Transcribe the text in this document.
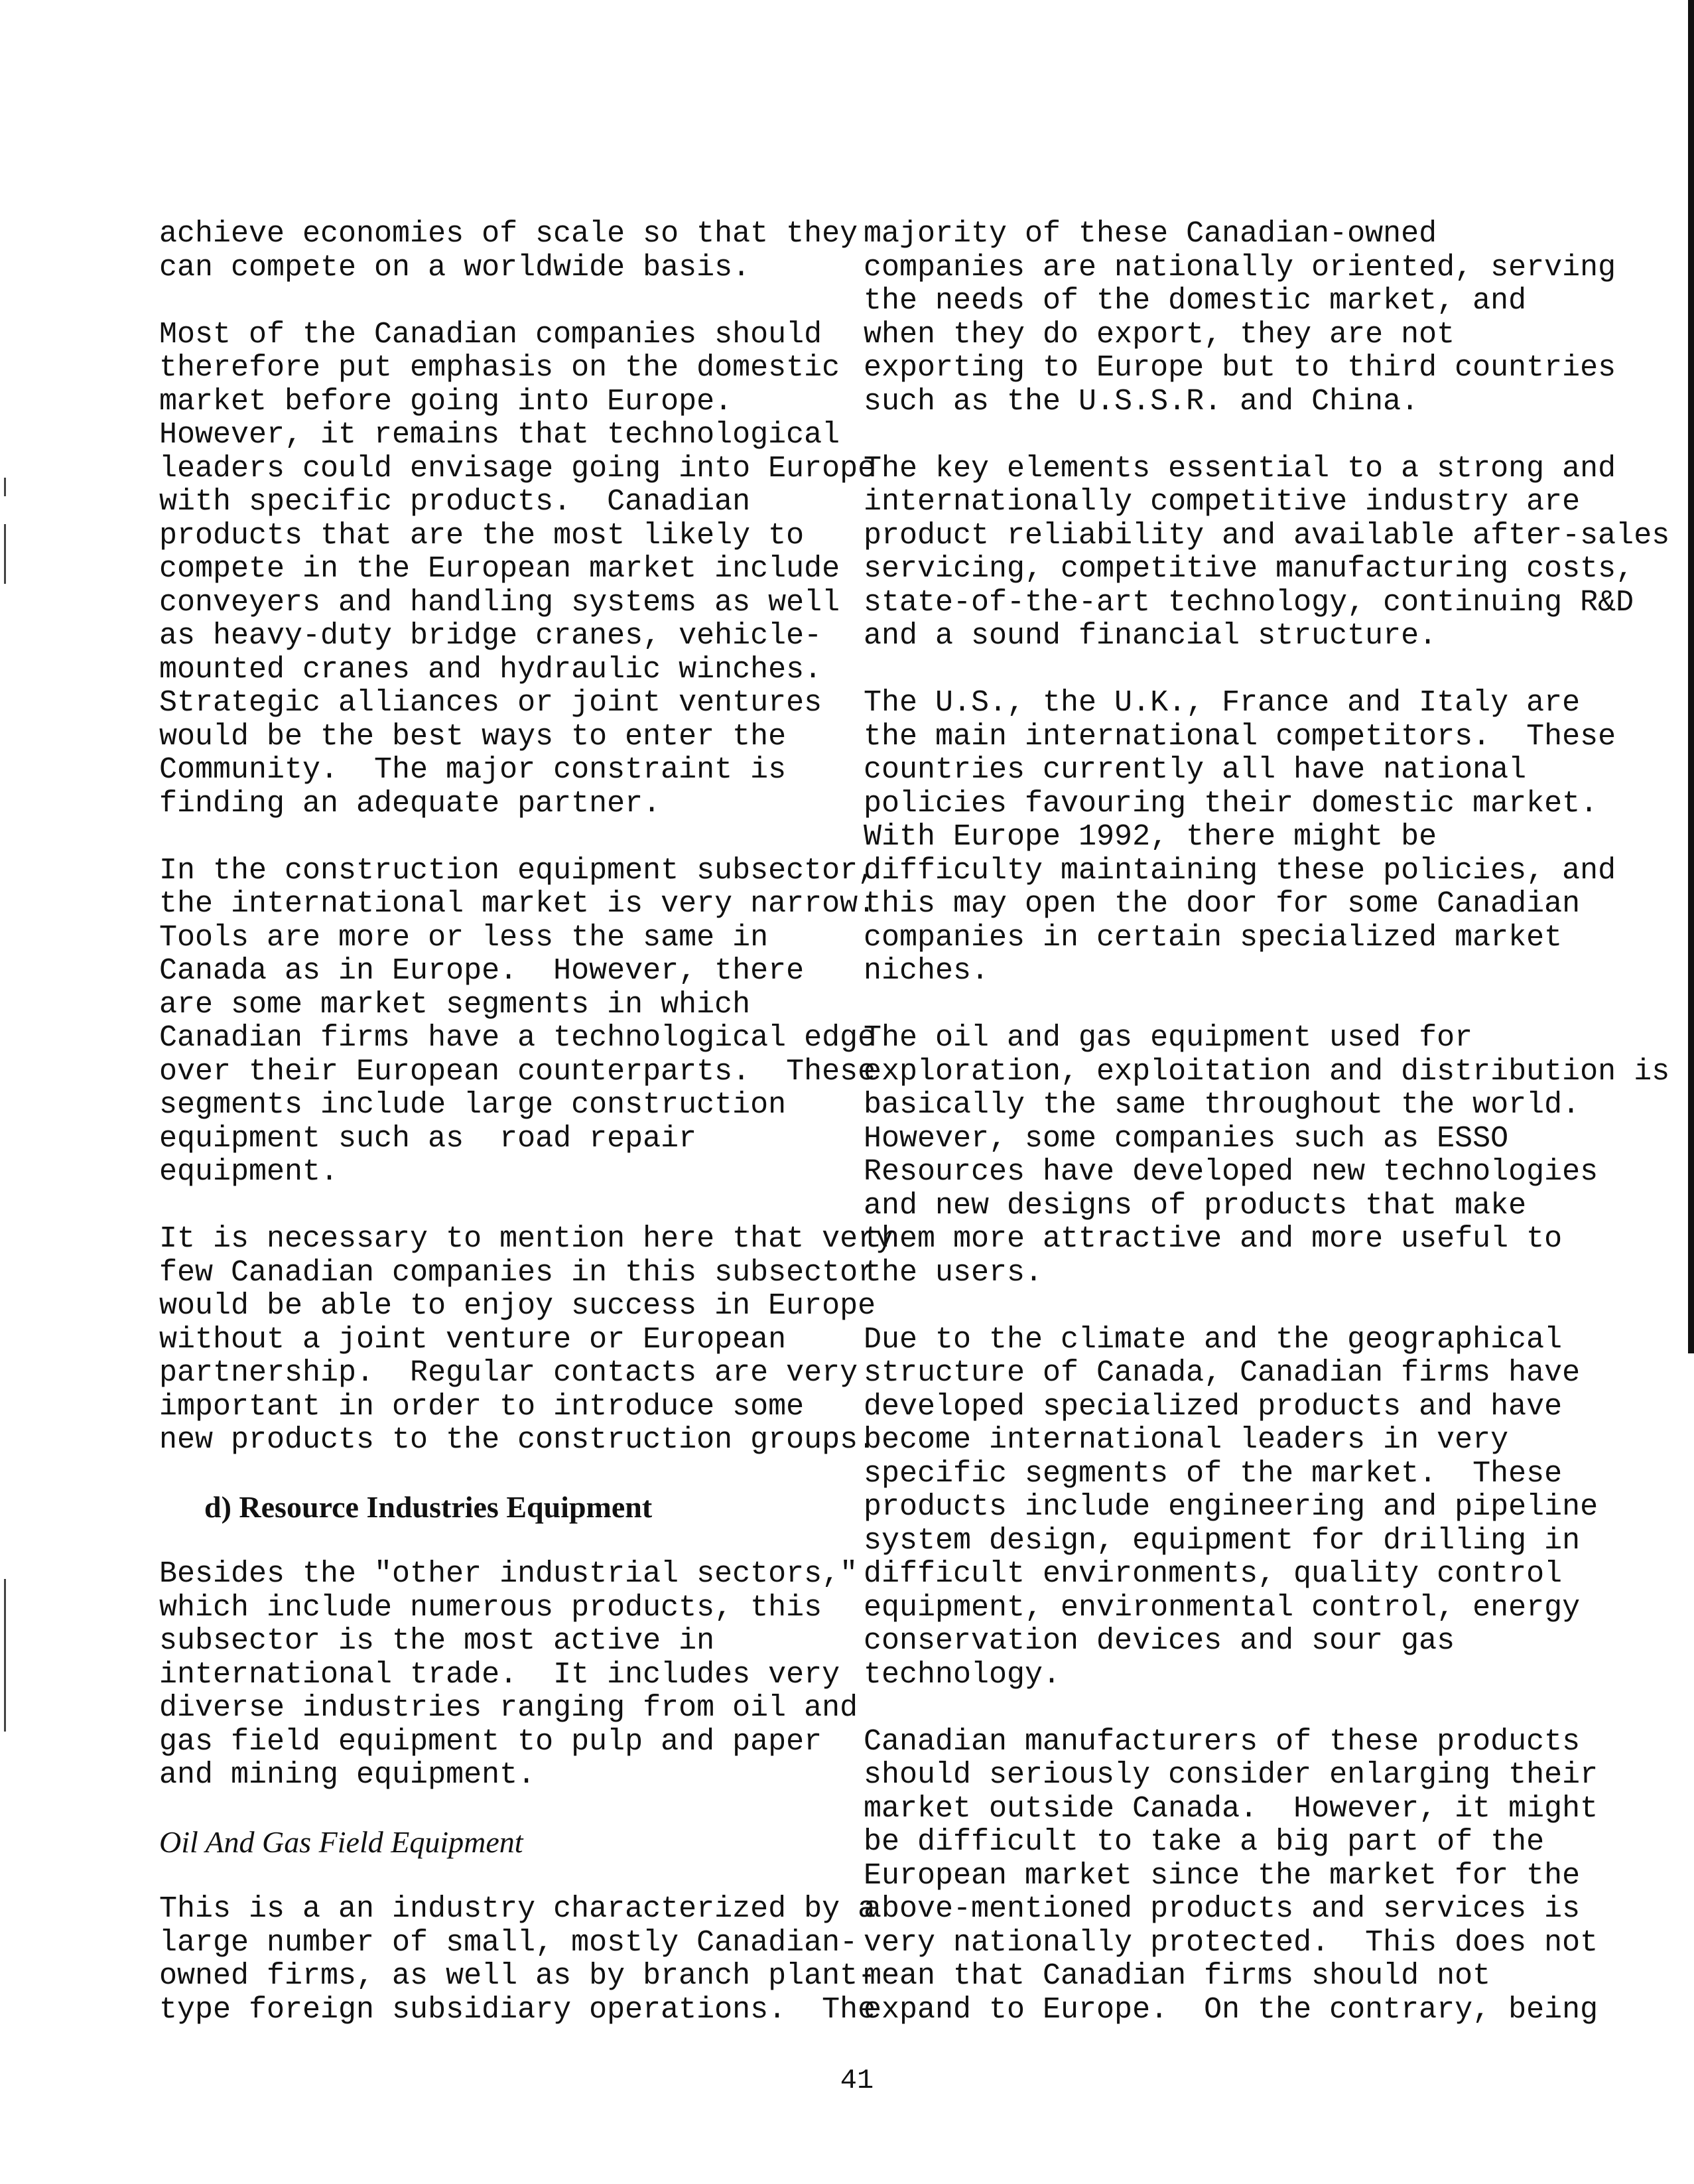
achieve economies of scale so that they
can compete on a worldwide basis.
Most of the Canadian companies should
therefore put emphasis on the domestic
market before going into Europe.
However, it remains that technological
leaders could envisage going into Europe
with specific products.  Canadian
products that are the most likely to
compete in the European market include
conveyers and handling systems as well
as heavy-duty bridge cranes, vehicle-
mounted cranes and hydraulic winches.
Strategic alliances or joint ventures
would be the best ways to enter the
Community.  The major constraint is
finding an adequate partner.
In the construction equipment subsector,
the international market is very narrow.
Tools are more or less the same in
Canada as in Europe.  However, there
are some market segments in which
Canadian firms have a technological edge
over their European counterparts.  These
segments include large construction
equipment such as  road repair
equipment.
It is necessary to mention here that very
few Canadian companies in this subsector
would be able to enjoy success in Europe
without a joint venture or European
partnership.  Regular contacts are very
important in order to introduce some
new products to the construction groups.
d) Resource Industries Equipment
Besides the "other industrial sectors,"
which include numerous products, this
subsector is the most active in
international trade.  It includes very
diverse industries ranging from oil and
gas field equipment to pulp and paper
and mining equipment.
Oil And Gas Field Equipment
This is a an industry characterized by a
large number of small, mostly Canadian-
owned firms, as well as by branch plant-
type foreign subsidiary operations.  The
majority of these Canadian-owned
companies are nationally oriented, serving
the needs of the domestic market, and
when they do export, they are not
exporting to Europe but to third countries
such as the U.S.S.R. and China.
The key elements essential to a strong and
internationally competitive industry are
product reliability and available after-sales
servicing, competitive manufacturing costs,
state-of-the-art technology, continuing R&D
and a sound financial structure.
The U.S., the U.K., France and Italy are
the main international competitors.  These
countries currently all have national
policies favouring their domestic market.
With Europe 1992, there might be
difficulty maintaining these policies, and
this may open the door for some Canadian
companies in certain specialized market
niches.
The oil and gas equipment used for
exploration, exploitation and distribution is
basically the same throughout the world.
However, some companies such as ESSO
Resources have developed new technologies
and new designs of products that make
them more attractive and more useful to
the users.
Due to the climate and the geographical
structure of Canada, Canadian firms have
developed specialized products and have
become international leaders in very
specific segments of the market.  These
products include engineering and pipeline
system design, equipment for drilling in
difficult environments, quality control
equipment, environmental control, energy
conservation devices and sour gas
technology.
Canadian manufacturers of these products
should seriously consider enlarging their
market outside Canada.  However, it might
be difficult to take a big part of the
European market since the market for the
above-mentioned products and services is
very nationally protected.  This does not
mean that Canadian firms should not
expand to Europe.  On the contrary, being
41
